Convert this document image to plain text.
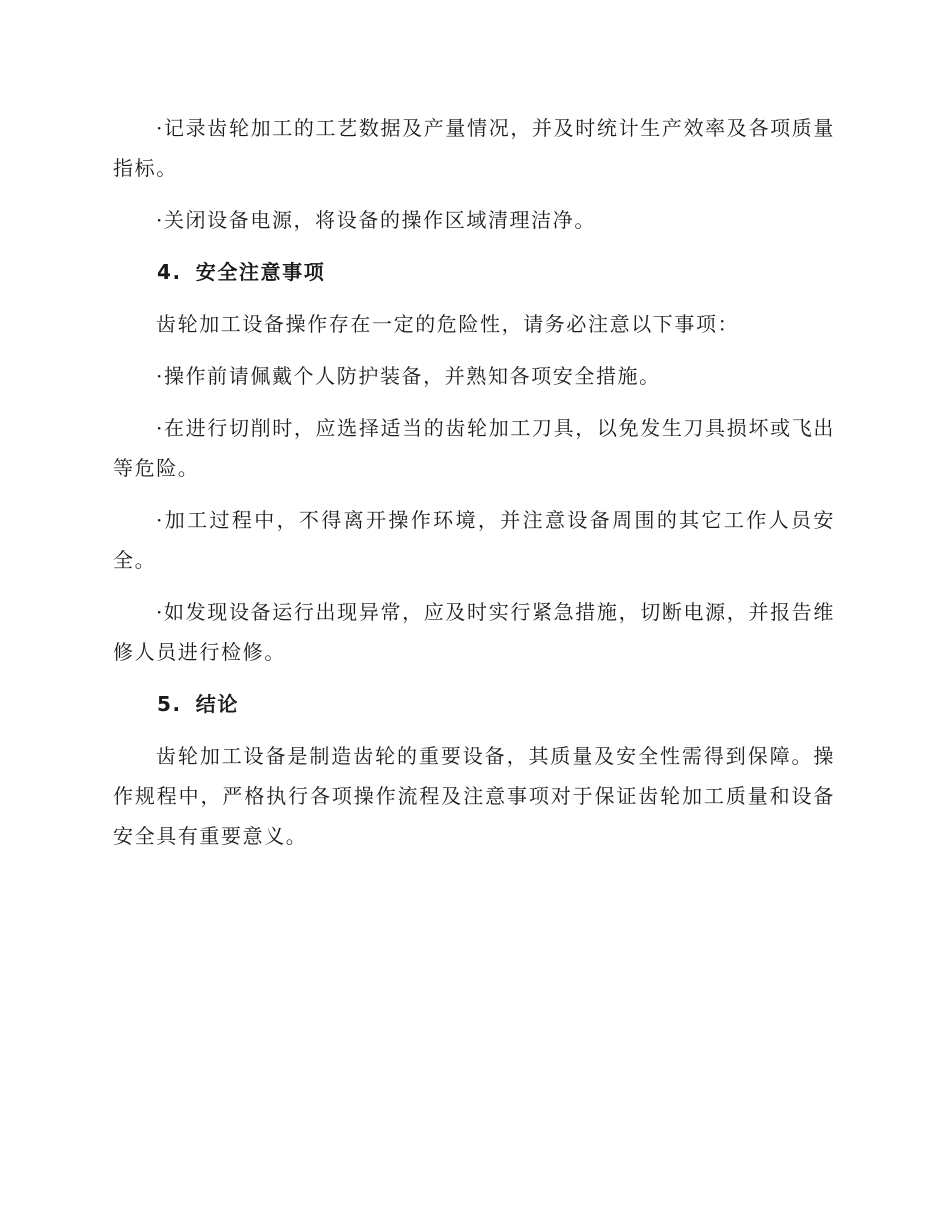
·记录齿轮加工的工艺数据及产量情况，并及时统计生产效率及各项质量指标。

·关闭设备电源，将设备的操作区域清理洁净。

4. 安全注意事项

齿轮加工设备操作存在一定的危险性，请务必注意以下事项：

·操作前请佩戴个人防护装备，并熟知各项安全措施。

·在进行切削时，应选择适当的齿轮加工刀具，以免发生刀具损坏或飞出等危险。

·加工过程中，不得离开操作环境，并注意设备周围的其它工作人员安全。

·如发现设备运行出现异常，应及时实行紧急措施，切断电源，并报告维修人员进行检修。

5. 结论

齿轮加工设备是制造齿轮的重要设备，其质量及安全性需得到保障。操作规程中，严格执行各项操作流程及注意事项对于保证齿轮加工质量和设备安全具有重要意义。
